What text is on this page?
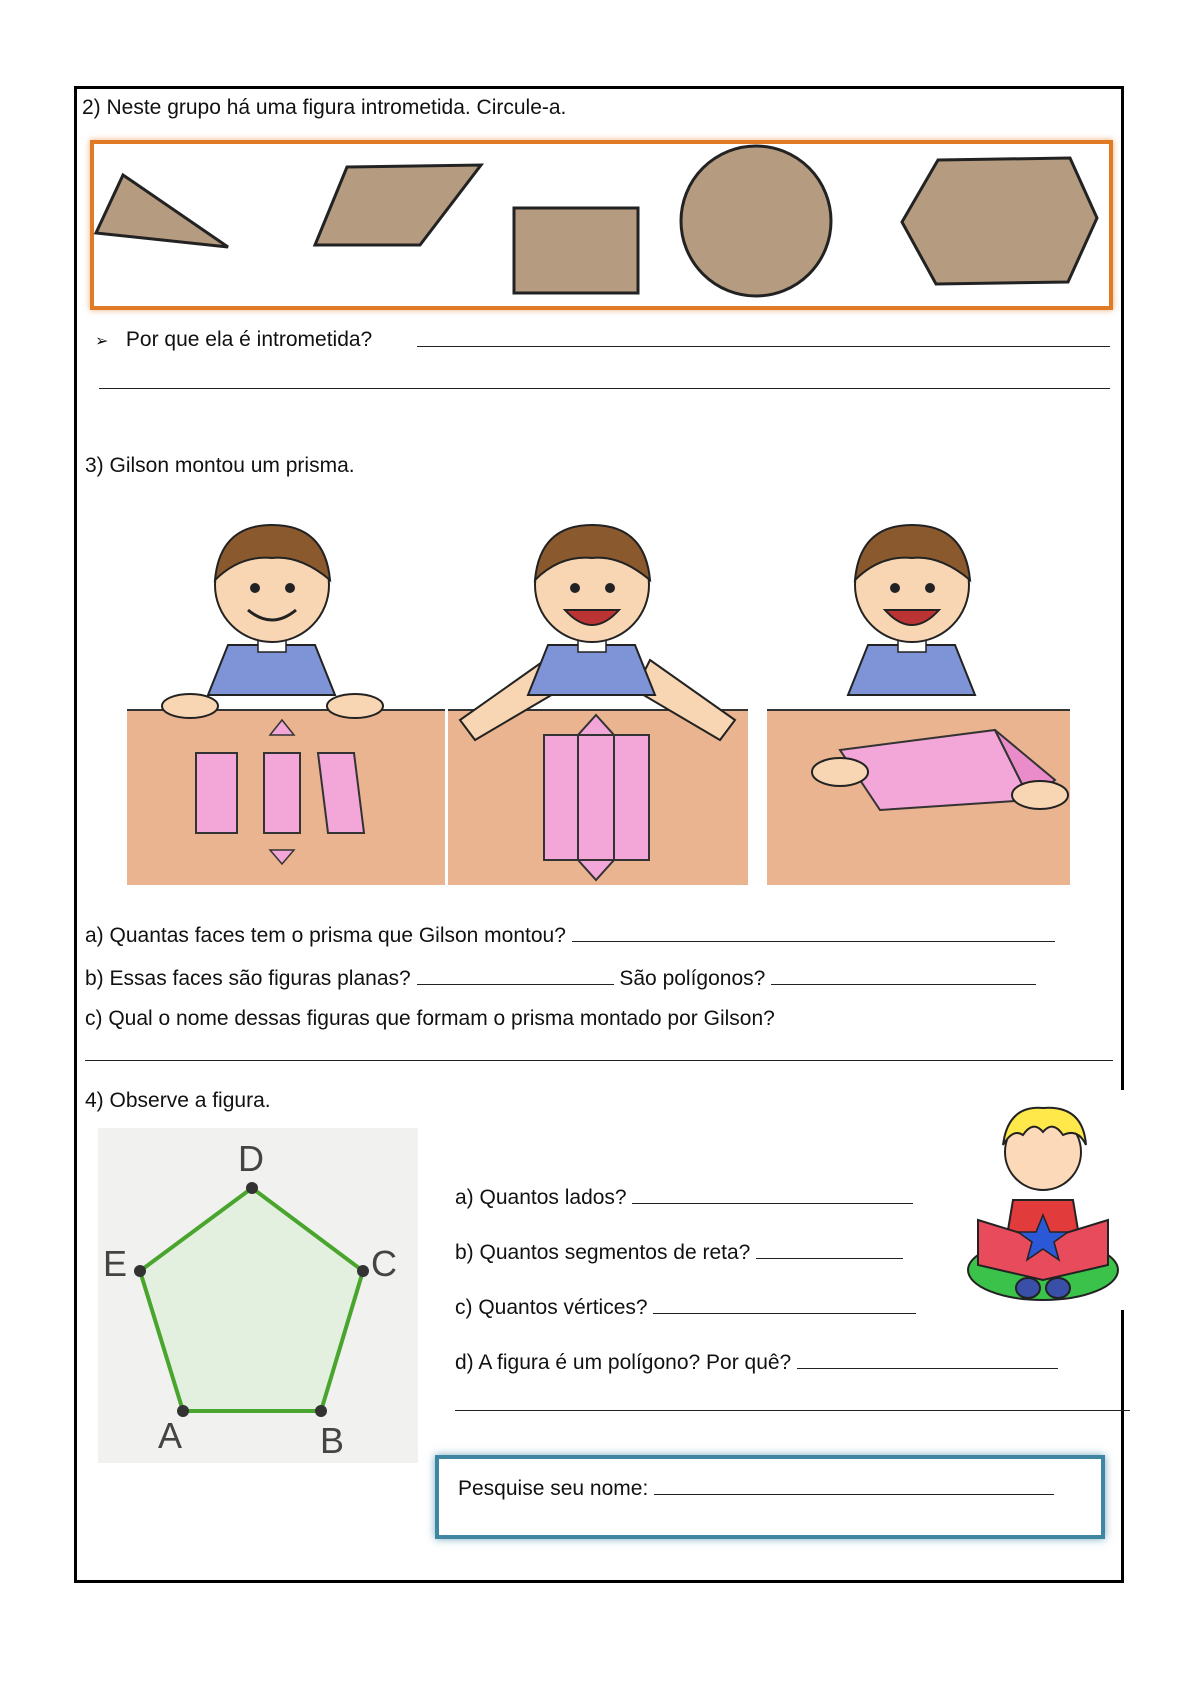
2) Neste grupo há uma figura intrometida. Circule-a.
➢ Por que ela é intrometida?
3) Gilson montou um prisma.
a) Quantas faces tem o prisma que Gilson montou?
b) Essas faces são figuras planas?	São polígonos?
c) Qual o nome dessas figuras que formam o prisma montado por Gilson?
4) Observe a figura.
A	B
C
D
E
a) Quantos lados?
b) Quantos segmentos de reta?
c) Quantos vértices?
d) A figura é um polígono? Por quê?
Pesquise seu nome:
